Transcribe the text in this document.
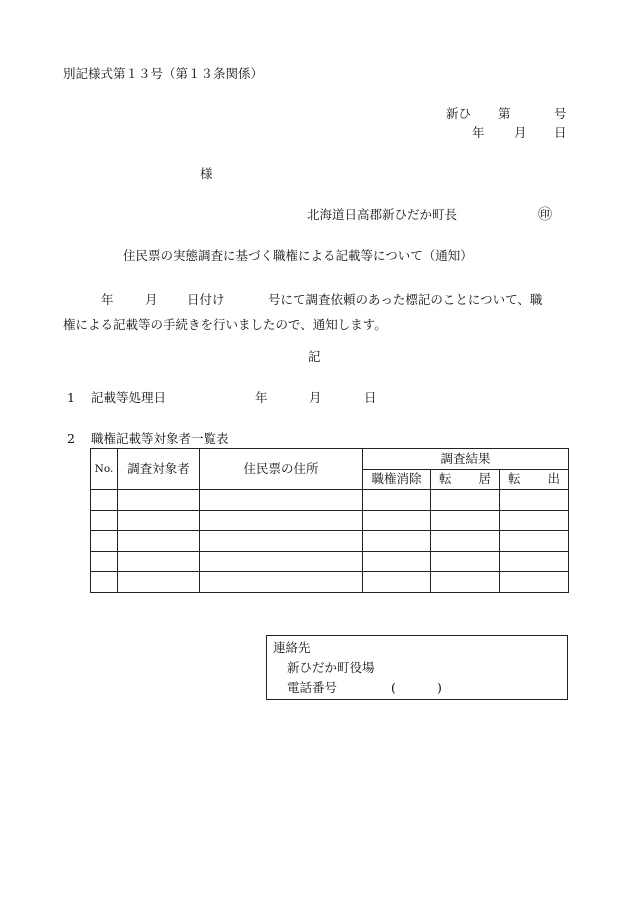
別記様式第１３号（第１３条関係）
新ひ 第	号
年 月 日
様
北海道日高郡新ひだか町長	㊞
住民票の実態調査に基づく職権による記載等について（通知）
年	月 日付け	号にて調査依頼のあった標記のことについて、職
権による記載等の手続きを行いましたので、通知します。
記
1 記載等処理日	年	月	日
2 職権記載等対象者一覧表
No.	調査対象者	住民票の住所	調査結果		
			職権消除	転 居	転 出

連絡先
新ひだか町役場
電話番号	(	)
